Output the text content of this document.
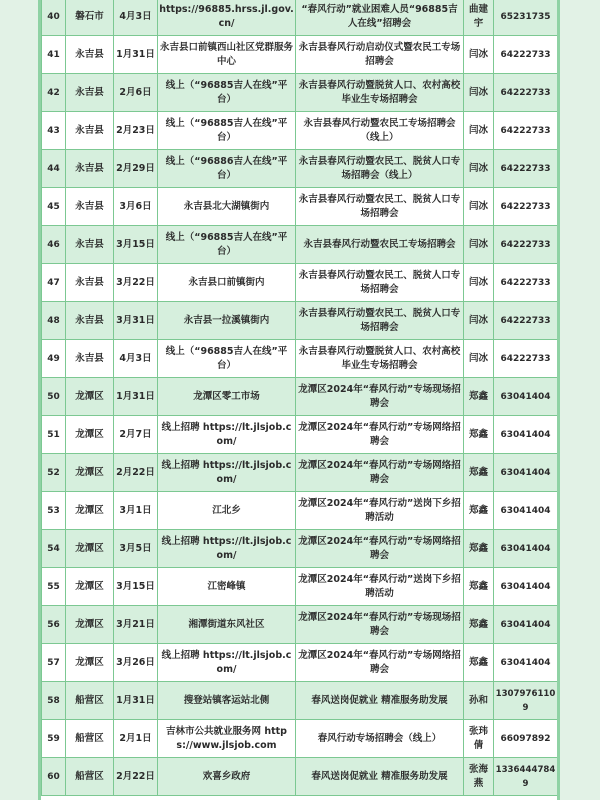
40	磐石市	4月3日	https://96885.hrss.jl.gov.cn/	“春风行动”就业困难人员“96885吉人在线”招聘会	曲建宇	65231735
41	永吉县	1月31日	永吉县口前镇西山社区党群服务中心	永吉县春风行动启动仪式暨农民工专场招聘会	闫冰	64222733
42	永吉县	2月6日	线上（“96885吉人在线”平台）	永吉县春风行动暨脱贫人口、农村高校毕业生专场招聘会	闫冰	64222733
43	永吉县	2月23日	线上（“96885吉人在线”平台）	永吉县春风行动暨农民工专场招聘会（线上）	闫冰	64222733
44	永吉县	2月29日	线上（“96886吉人在线”平台）	永吉县春风行动暨农民工、脱贫人口专场招聘会（线上）	闫冰	64222733
45	永吉县	3月6日	永吉县北大湖镇街内	永吉县春风行动暨农民工、脱贫人口专场招聘会	闫冰	64222733
46	永吉县	3月15日	线上（“96885吉人在线”平台）	永吉县春风行动暨农民工专场招聘会	闫冰	64222733
47	永吉县	3月22日	永吉县口前镇街内	永吉县春风行动暨农民工、脱贫人口专场招聘会	闫冰	64222733
48	永吉县	3月31日	永吉县一拉溪镇街内	永吉县春风行动暨农民工、脱贫人口专场招聘会	闫冰	64222733
49	永吉县	4月3日	线上（“96885吉人在线”平台）	永吉县春风行动暨脱贫人口、农村高校毕业生专场招聘会	闫冰	64222733
50	龙潭区	1月31日	龙潭区零工市场	龙潭区2024年“春风行动”专场现场招聘会	郑鑫	63041404
51	龙潭区	2月7日	线上招聘 https://lt.jlsjob.com/	龙潭区2024年“春风行动”专场网络招聘会	郑鑫	63041404
52	龙潭区	2月22日	线上招聘 https://lt.jlsjob.com/	龙潭区2024年“春风行动”专场网络招聘会	郑鑫	63041404
53	龙潭区	3月1日	江北乡	龙潭区2024年“春风行动”送岗下乡招聘活动	郑鑫	63041404
54	龙潭区	3月5日	线上招聘 https://lt.jlsjob.com/	龙潭区2024年“春风行动”专场网络招聘会	郑鑫	63041404
55	龙潭区	3月15日	江密峰镇	龙潭区2024年“春风行动”送岗下乡招聘活动	郑鑫	63041404
56	龙潭区	3月21日	湘潭街道东风社区	龙潭区2024年“春风行动”专场现场招聘会	郑鑫	63041404
57	龙潭区	3月26日	线上招聘 https://lt.jlsjob.com/	龙潭区2024年“春风行动”专场网络招聘会	郑鑫	63041404
58	船营区	1月31日	搜登站镇客运站北侧	春风送岗促就业 精准服务助发展	孙和	13079761109
59	船营区	2月1日	吉林市公共就业服务网 https://www.jlsjob.com	春风行动专场招聘会（线上）	张玮倩	66097892
60	船营区	2月22日	欢喜乡政府	春风送岗促就业 精准服务助发展	张海燕	13364447849
